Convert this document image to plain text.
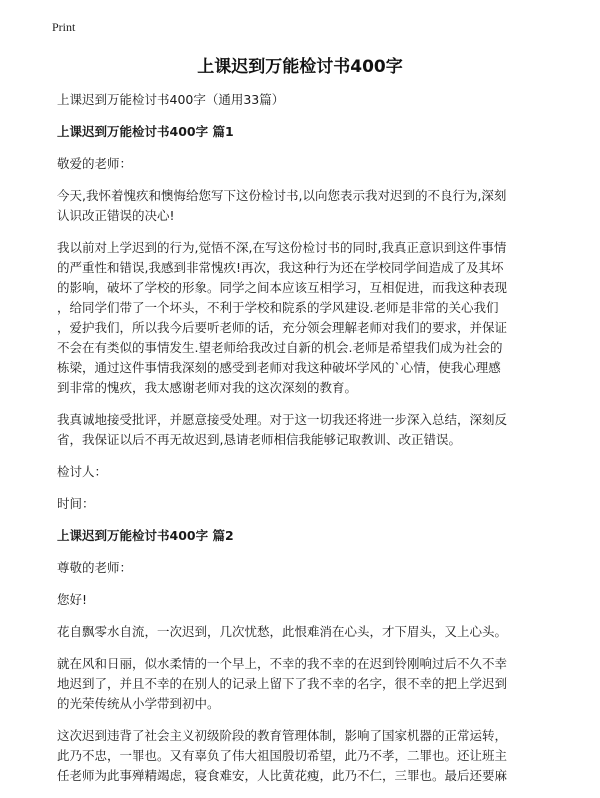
Print
上课迟到万能检讨书400字

上课迟到万能检讨书400字（通用33篇）

上课迟到万能检讨书400字 篇1

敬爱的老师：

今天,我怀着愧疚和懊悔给您写下这份检讨书,以向您表示我对迟到的不良行为,深刻
认识改正错误的决心!
我以前对上学迟到的行为,觉悟不深,在写这份检讨书的同时,我真正意识到这件事情
的严重性和错误,我感到非常愧疚!再次，我这种行为还在学校同学间造成了及其坏
的影响，破坏了学校的形象。同学之间本应该互相学习，互相促进，而我这种表现
，给同学们带了一个坏头，不利于学校和院系的学风建设.老师是非常的关心我们
，爱护我们，所以我今后要听老师的话，充分领会理解老师对我们的要求，并保证
不会在有类似的事情发生.望老师给我改过自新的机会.老师是希望我们成为社会的
栋梁，通过这件事情我深刻的感受到老师对我这种破坏学风的`心情，使我心理感
到非常的愧疚，我太感谢老师对我的这次深刻的教育。
我真诚地接受批评，并愿意接受处理。对于这一切我还将进一步深入总结，深刻反
省，我保证以后不再无故迟到,恳请老师相信我能够记取教训、改正错误。

检讨人：

时间：

上课迟到万能检讨书400字 篇2

尊敬的老师：

您好!

花自飘零水自流，一次迟到，几次忧愁，此恨难消在心头，才下眉头，又上心头。
就在风和日丽，似水柔情的一个早上，不幸的我不幸的在迟到铃刚响过后不久不幸
地迟到了，并且不幸的在别人的记录上留下了我不幸的名字，很不幸的把上学迟到
的光荣传统从小学带到初中。
这次迟到违背了社会主义初级阶段的教育管理体制，影响了国家机器的正常运转，
此乃不忠，一罪也。又有辜负了伟大祖国殷切希望，此乃不孝，二罪也。还让班主
任老师为此事殚精竭虑，寝食难安，人比黄花瘦，此乃不仁，三罪也。最后还要麻
